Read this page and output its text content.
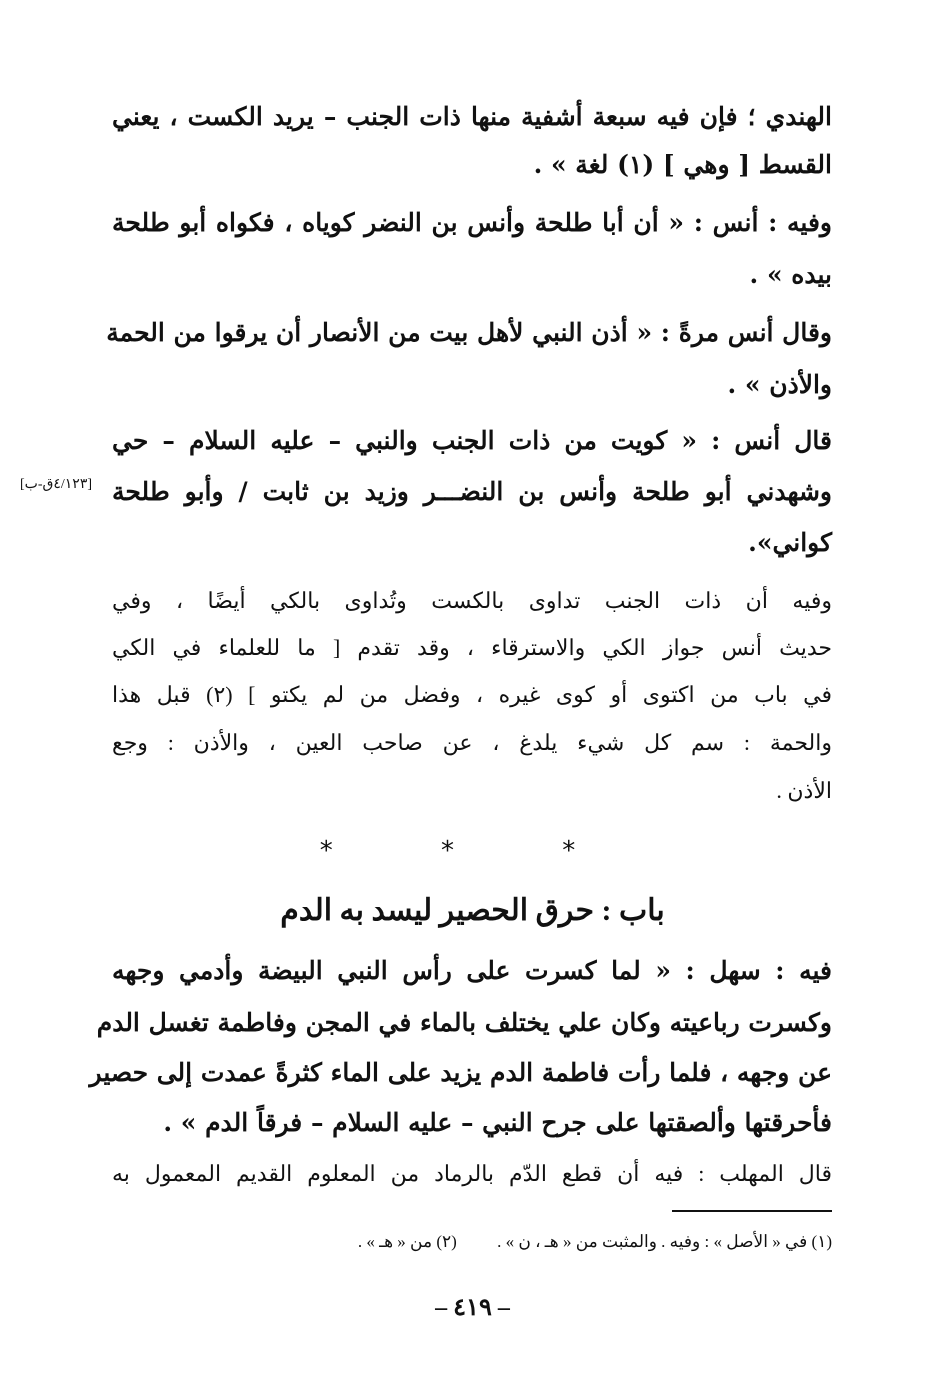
الهندي ؛ فإن فيه سبعة أشفية منها ذات الجنب – يريد الكست ، يعني
القسط [ وهي ] (١) لغة » .
وفيه : أنس : « أن أبا طلحة وأنس بن النضر كوياه ، فكواه أبو طلحة
بيده » .
وقال أنس مرةً : « أذن النبي لأهل بيت من الأنصار أن يرقوا من الحمة
والأذن » .
قال أنس : « كويت من ذات الجنب والنبي – عليه السلام – حي
وشهدني أبو طلحة وأنس بن النضـــر وزيد بن ثابت / وأبو طلحة
كواني».
[٤/١٢٣ق-ب]
وفيه أن ذات الجنب تداوى بالكست وتُداوى بالكي أيضًا ، وفي
حديث أنس جواز الكي والاسترقاء ، وقد تقدم [ ما للعلماء في الكي
في باب من اكتوى أو كوى غيره ، وفضل من لم يكتو ] (٢) قبل هذا
والحمة : سم كل شيء يلدغ ، عن صاحب العين ، والأذن : وجع
الأذن .
* * *
باب : حرق الحصير ليسد به الدم
فيه : سهل : « لما كسرت على رأس النبي البيضة وأدمي وجهه
وكسرت رباعيته وكان علي يختلف بالماء في المجن وفاطمة تغسل الدم
عن وجهه ، فلما رأت فاطمة الدم يزيد على الماء كثرةً عمدت إلى حصير
فأحرقتها وألصقتها على جرح النبي – عليه السلام – فرقاً الدم » .
قال المهلب : فيه أن قطع الدّم بالرماد من المعلوم القديم المعمول به
(١) في « الأصل » : وفيه . والمثبت من « هـ ، ن » . (٢) من « هـ » .
– ٤١٩ –
